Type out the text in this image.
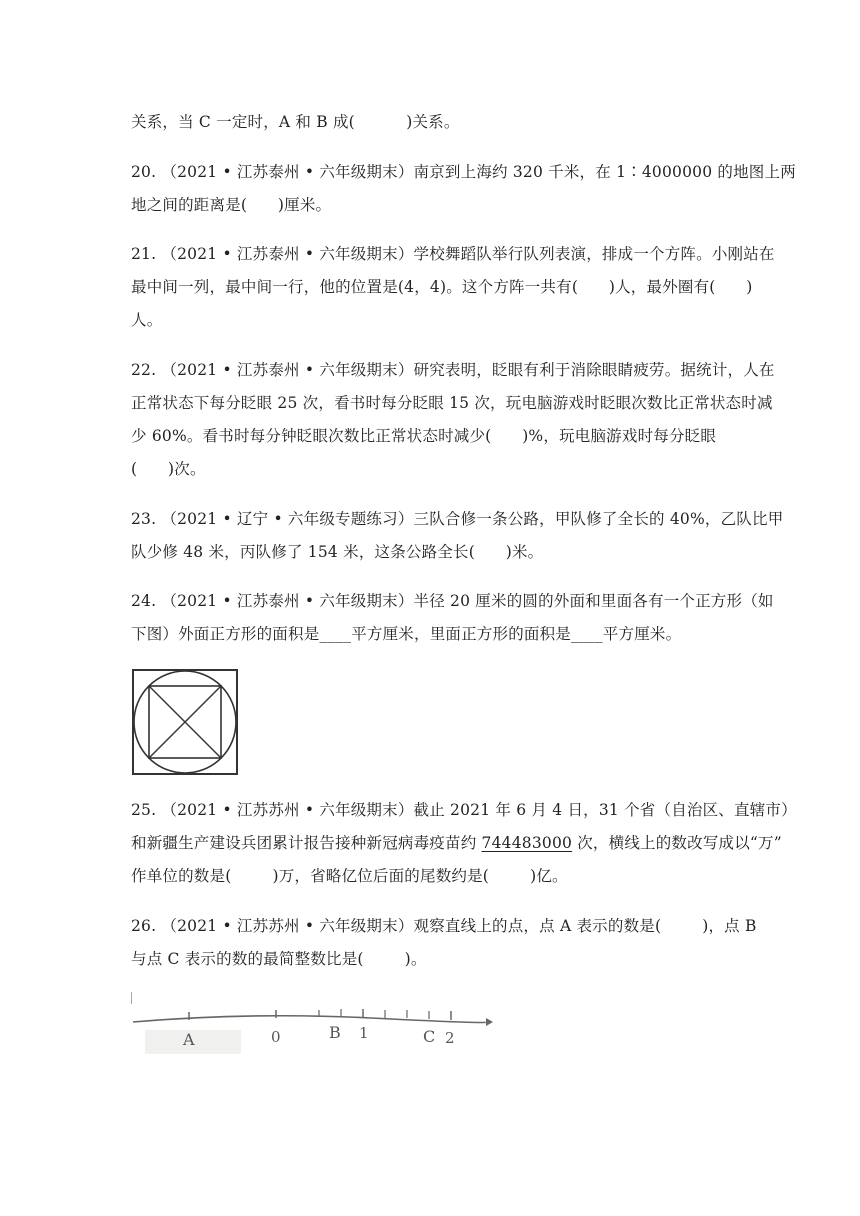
关系，当 C 一定时，A 和 B 成(          )关系。
20. （2021 • 江苏泰州 • 六年级期末）南京到上海约 320 千米，在 1∶4000000 的地图上两
地之间的距离是(      )厘米。
21. （2021 • 江苏泰州 • 六年级期末）学校舞蹈队举行队列表演，排成一个方阵。小刚站在
最中间一列，最中间一行，他的位置是(4，4)。这个方阵一共有(      )人，最外圈有(      )
人。
22. （2021 • 江苏泰州 • 六年级期末）研究表明，眨眼有利于消除眼睛疲劳。据统计，人在
正常状态下每分眨眼 25 次，看书时每分眨眼 15 次，玩电脑游戏时眨眼次数比正常状态时减
少 60%。看书时每分钟眨眼次数比正常状态时减少(      )%，玩电脑游戏时每分眨眼
(      )次。
23. （2021 • 辽宁 • 六年级专题练习）三队合修一条公路，甲队修了全长的 40%，乙队比甲
队少修 48 米，丙队修了 154 米，这条公路全长(      )米。
24. （2021 • 江苏泰州 • 六年级期末）半径 20 厘米的圆的外面和里面各有一个正方形（如
下图）外面正方形的面积是____平方厘米，里面正方形的面积是____平方厘米。
25. （2021 • 江苏苏州 • 六年级期末）截止 2021 年 6 月 4 日，31 个省（自治区、直辖市）
和新疆生产建设兵团累计报告接种新冠病毒疫苗约 744483000 次，横线上的数改写成以“万”
作单位的数是(        )万，省略亿位后面的尾数约是(        )亿。
26. （2021 • 江苏苏州 • 六年级期末）观察直线上的点，点 A 表示的数是(        )，点 B
与点 C 表示的数的最简整数比是(        )。
A	0	B 1	C 2
